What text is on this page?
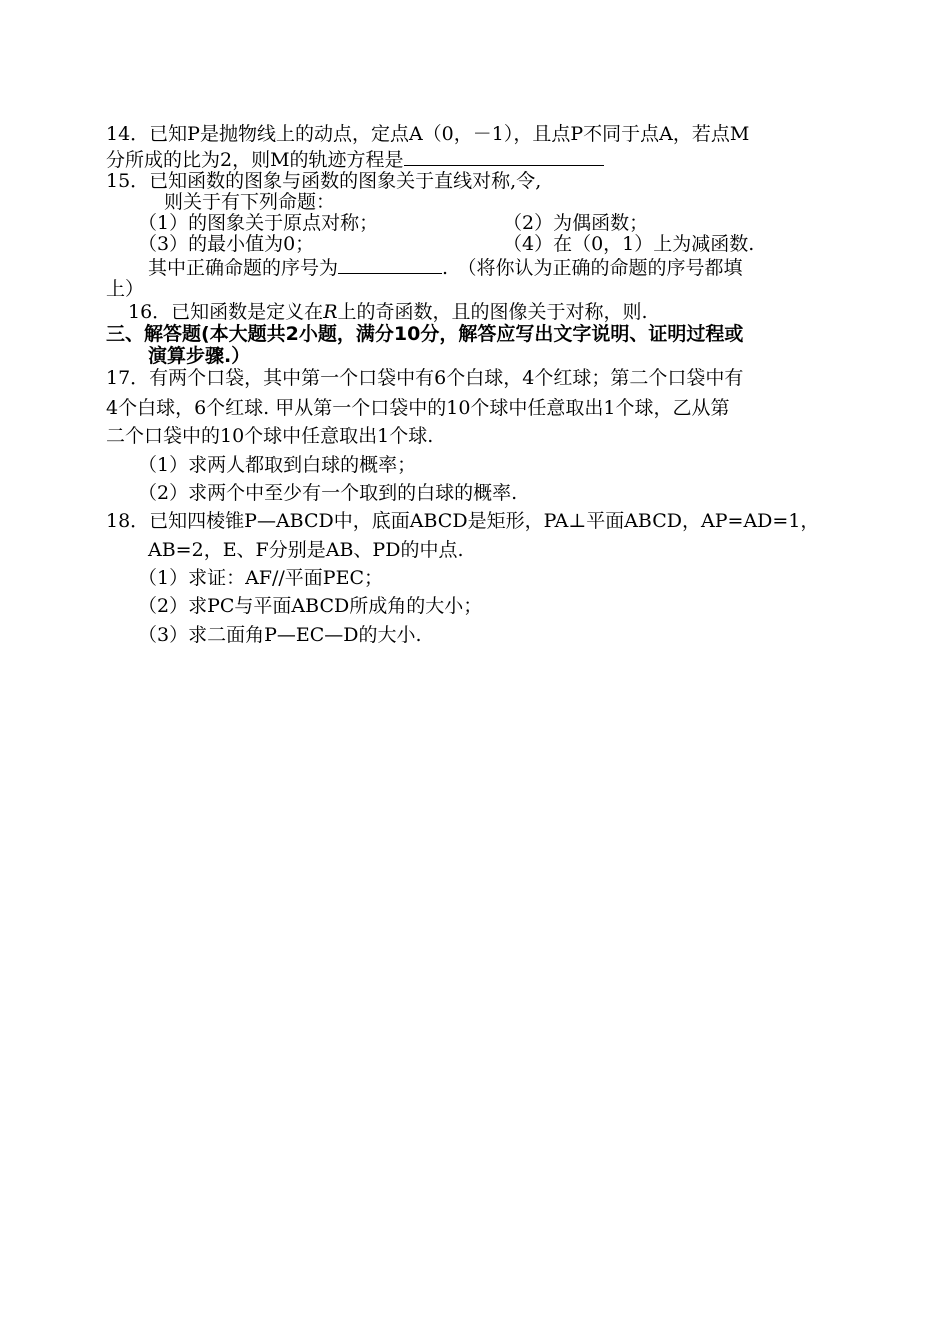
14．已知P是抛物线上的动点，定点A（0，－1），且点P不同于点A，若点M
分所成的比为2，则M的轨迹方程是
15．已知函数的图象与函数的图象关于直线对称,令,
则关于有下列命题：
（1）的图象关于原点对称；	（2）为偶函数；
（3）的最小值为0；	（4）在（0，1）上为减函数.
其中正确命题的序号为	.　（将你认为正确的命题的序号都填
上）
16．已知函数是定义在R上的奇函数，且的图像关于对称，则.
三、解答题(本大题共2小题，满分10分，解答应写出文字说明、证明过程或
演算步骤.）
17．有两个口袋，其中第一个口袋中有6个白球，4个红球；第二个口袋中有
4个白球，6个红球. 甲从第一个口袋中的10个球中任意取出1个球，乙从第
二个口袋中的10个球中任意取出1个球.
（1）求两人都取到白球的概率；
（2）求两个中至少有一个取到的白球的概率.
18．已知四棱锥P—ABCD中，底面ABCD是矩形，PA⊥平面ABCD，AP=AD=1，
AB=2，E、F分别是AB、PD的中点.
（1）求证：AF//平面PEC；
（2）求PC与平面ABCD所成角的大小；
（3）求二面角P—EC—D的大小.
